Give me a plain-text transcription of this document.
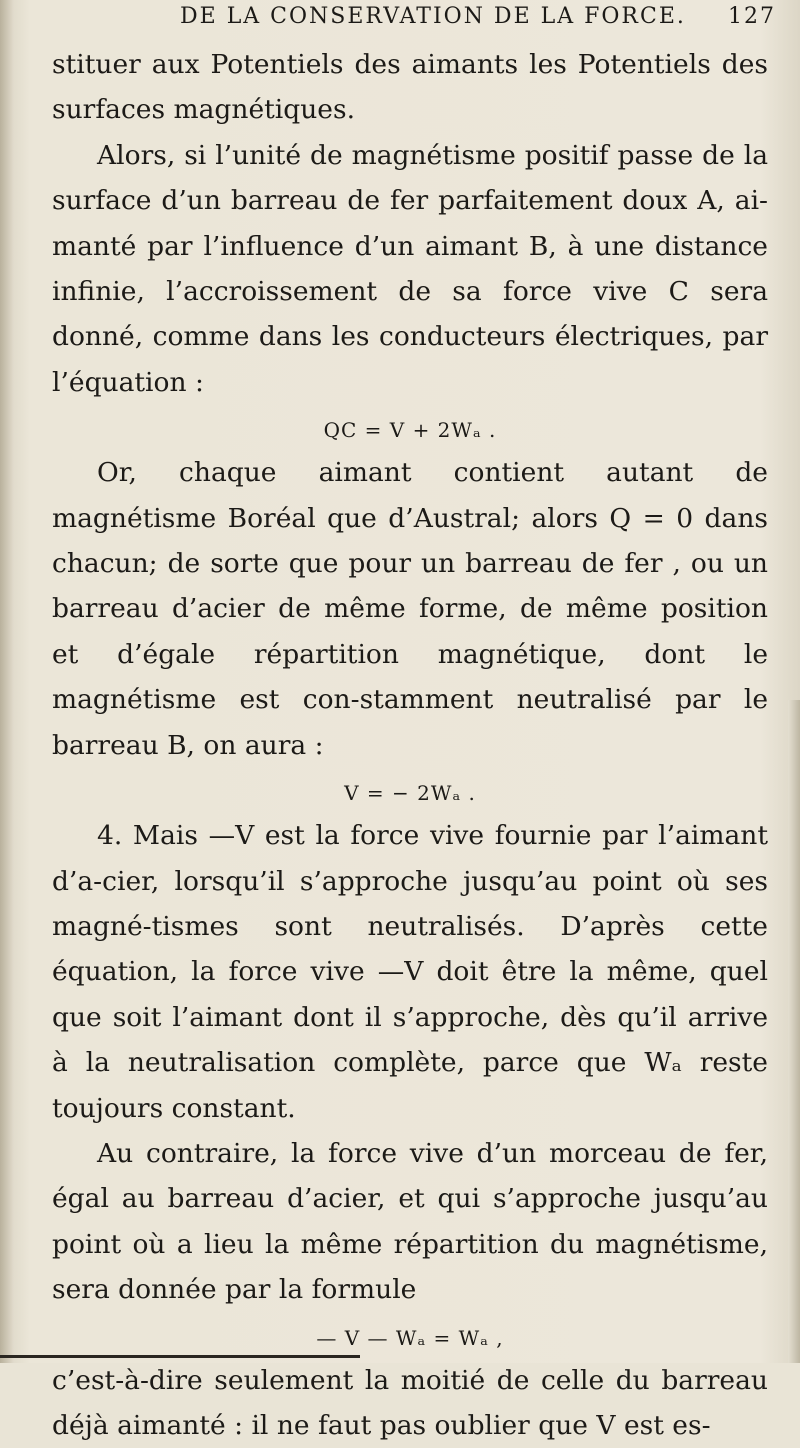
DE LA CONSERVATION DE LA FORCE. 127

stituer aux Potentiels des aimants les Potentiels des surfaces magnétiques.

Alors, si l’unité de magnétisme positif passe de la surface d’un barreau de fer parfaitement doux A, ai-manté par l’influence d’un aimant B, à une distance infinie, l’accroissement de sa force vive C sera donné, comme dans les conducteurs électriques, par l’équation :

QC = V + 2Wₐ .

Or, chaque aimant contient autant de magnétisme Boréal que d’Austral; alors Q = 0 dans chacun; de sorte que pour un barreau de fer , ou un barreau d’acier de même forme, de même position et d’égale répartition magnétique, dont le magnétisme est con-stamment neutralisé par le barreau B, on aura :

V = − 2Wₐ .

4. Mais —V est la force vive fournie par l’aimant d’a-cier, lorsqu’il s’approche jusqu’au point où ses magné-tismes sont neutralisés. D’après cette équation, la force vive —V doit être la même, quel que soit l’aimant dont il s’approche, dès qu’il arrive à la neutralisation complète, parce que Wₐ reste toujours constant.

Au contraire, la force vive d’un morceau de fer, égal au barreau d’acier, et qui s’approche jusqu’au point où a lieu la même répartition du magnétisme, sera donnée par la formule

— V — Wₐ = Wₐ ,

c’est-à-dire seulement la moitié de celle du barreau déjà aimanté : il ne faut pas oublier que V est es-
